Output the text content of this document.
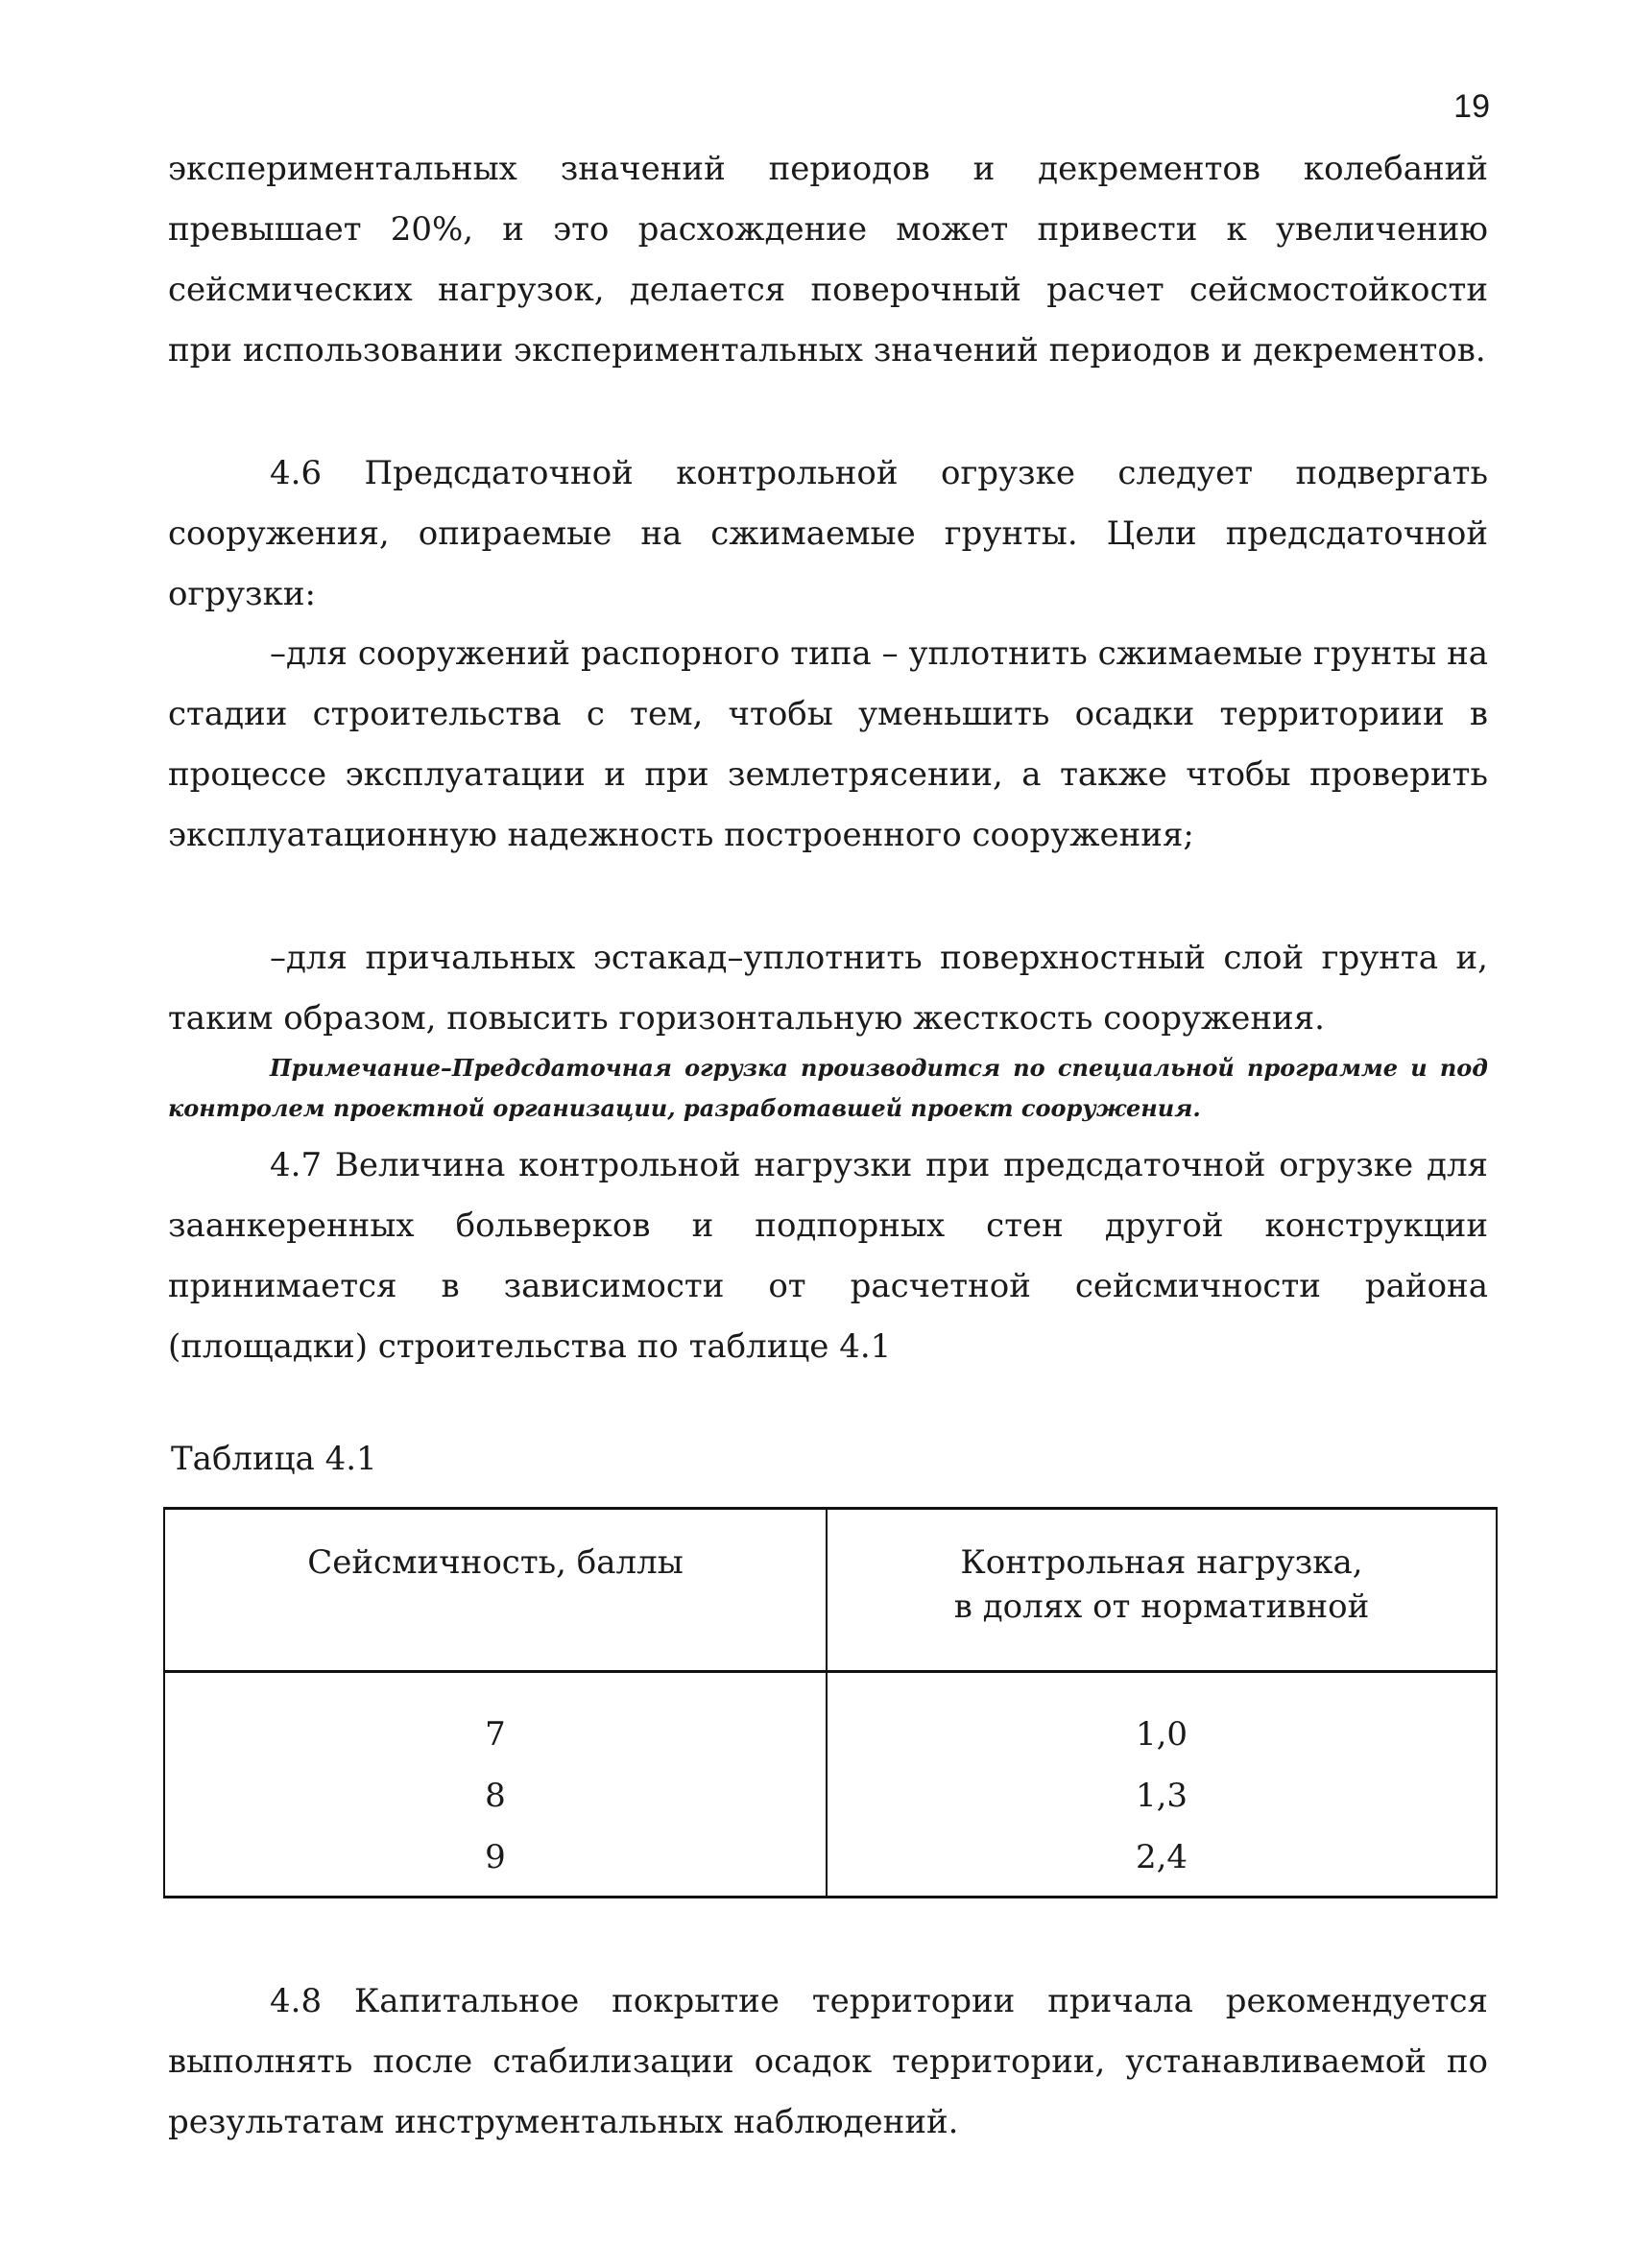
19

экспериментальных значений периодов и декрементов колебаний превышает 20%, и это расхождение может привести к увеличению сейсмических нагрузок, делается поверочный расчет сейсмостойкости при использовании экспериментальных значений периодов и декрементов.

4.6 Предсдаточной контрольной огрузке следует подвергать сооружения, опираемые на сжимаемые грунты. Цели предсдаточной огрузки:

–для сооружений распорного типа – уплотнить сжимаемые грунты на стадии строительства с тем, чтобы уменьшить осадки территориии в процессе эксплуатации и при землетрясении, а также чтобы проверить эксплуатационную надежность построенного сооружения;

–для причальных эстакад–уплотнить поверхностный слой грунта и, таким образом, повысить горизонтальную жесткость сооружения.

Примечание–Предсдаточная огрузка производится по специальной программе и под контролем проектной организации, разработавшей проект сооружения.

4.7 Величина контрольной нагрузки при предсдаточной огрузке для заанкеренных больверков и подпорных стен другой конструкции принимается в зависимости от расчетной сейсмичности района (площадки) строительства по таблице 4.1

Таблица 4.1
Сейсмичность, баллы	Контрольная нагрузка,
в долях от нормативной
7	1,0
8	1,3
9	2,4

4.8 Капитальное покрытие территории причала рекомендуется выполнять после стабилизации осадок территории, устанавливаемой по результатам инструментальных наблюдений.
